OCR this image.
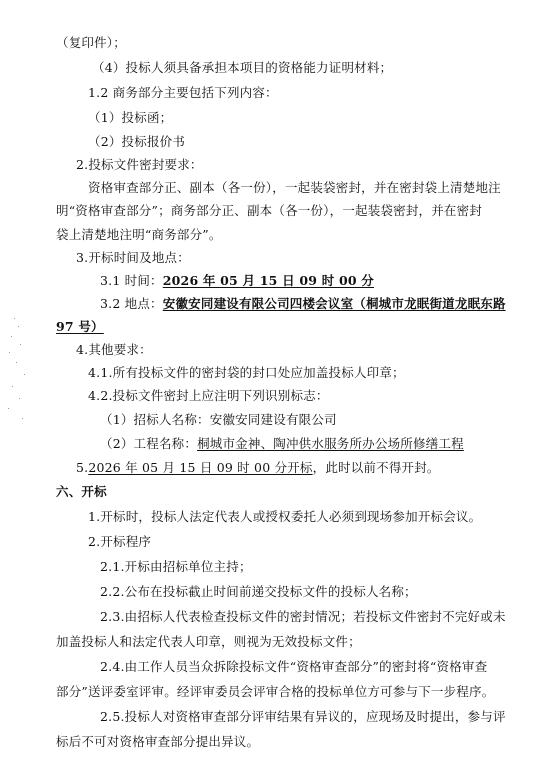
（复印件）；
（4）投标人须具备承担本项目的资格能力证明材料；
1.2 商务部分主要包括下列内容：
（1）投标函；
（2）投标报价书
2.投标文件密封要求：
资格审查部分正、副本（各一份），一起装袋密封，并在密封袋上清楚地注
明“资格审查部分”；商务部分正、副本（各一份），一起装袋密封，并在密封
袋上清楚地注明“商务部分”。
3.开标时间及地点：
3.1 时间：2026 年 05 月 15 日 09 时 00 分
3.2 地点：安徽安同建设有限公司四楼会议室（桐城市龙眠街道龙眠东路
97 号）
4.其他要求：
4.1.所有投标文件的密封袋的封口处应加盖投标人印章；
4.2.投标文件密封上应注明下列识别标志：
（1）招标人名称：安徽安同建设有限公司
（2）工程名称：桐城市金神、陶冲供水服务所办公场所修缮工程
5.2026 年 05 月 15 日 09 时 00 分开标，此时以前不得开封。
六、开标
1.开标时，投标人法定代表人或授权委托人必须到现场参加开标会议。
2.开标程序
2.1.开标由招标单位主持；
2.2.公布在投标截止时间前递交投标文件的投标人名称；
2.3.由招标人代表检查投标文件的密封情况；若投标文件密封不完好或未
加盖投标人和法定代表人印章，则视为无效投标文件；
2.4.由工作人员当众拆除投标文件“资格审查部分”的密封将“资格审查
部分”送评委室评审。经评审委员会评审合格的投标单位方可参与下一步程序。
2.5.投标人对资格审查部分评审结果有异议的，应现场及时提出，参与评
标后不可对资格审查部分提出异议。
